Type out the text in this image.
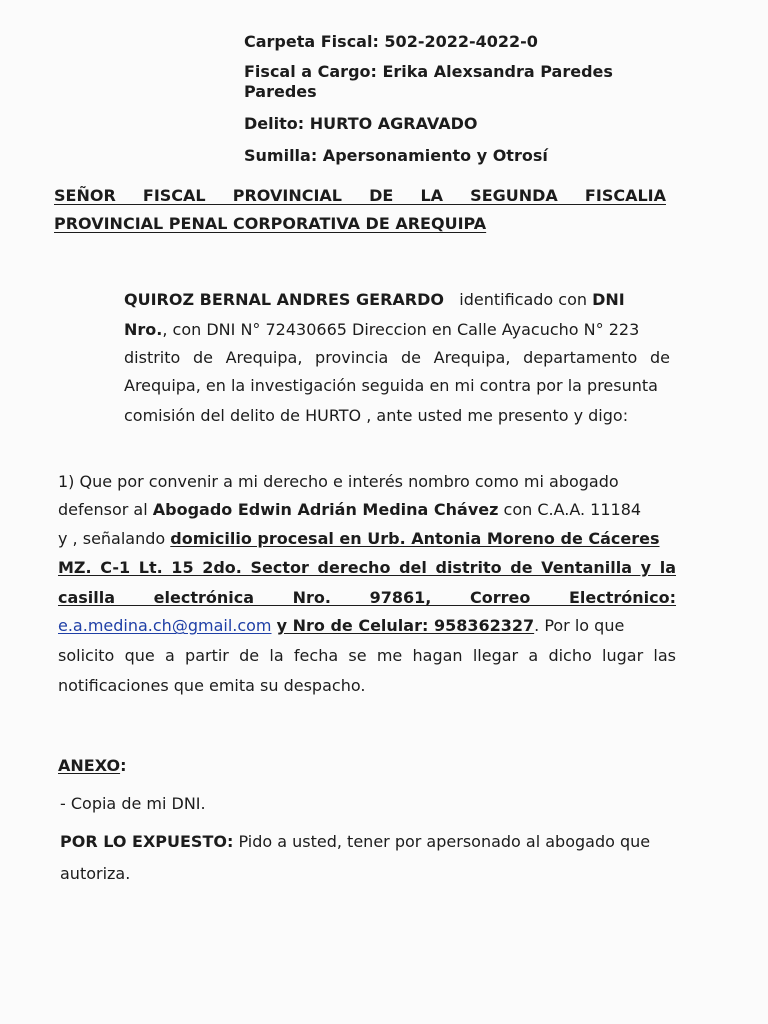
Carpeta Fiscal: 502-2022-4022-0
Fiscal a Cargo: Erika Alexsandra Paredes
Paredes
Delito: HURTO AGRAVADO
Sumilla: Apersonamiento y Otrosí
SEÑOR FISCAL PROVINCIAL DE LA SEGUNDA FISCALIA
PROVINCIAL PENAL CORPORATIVA DE AREQUIPA
QUIROZ BERNAL ANDRES GERARDO identificado con DNI
Nro., con DNI N° 72430665 Direccion en Calle Ayacucho N° 223
distrito de Arequipa, provincia de Arequipa, departamento de
Arequipa, en la investigación seguida en mi contra por la presunta
comisión del delito de HURTO , ante usted me presento y digo:
1) Que por convenir a mi derecho e interés nombro como mi abogado
defensor al Abogado Edwin Adrián Medina Chávez con C.A.A. 11184
y , señalando domicilio procesal en Urb. Antonia Moreno de Cáceres
MZ. C-1 Lt. 15 2do. Sector derecho del distrito de Ventanilla y la
casilla electrónica Nro. 97861, Correo Electrónico:
e.a.medina.ch@gmail.com y Nro de Celular: 958362327. Por lo que
solicito que a partir de la fecha se me hagan llegar a dicho lugar las
notificaciones que emita su despacho.
ANEXO:
- Copia de mi DNI.
POR LO EXPUESTO: Pido a usted, tener por apersonado al abogado que
autoriza.
